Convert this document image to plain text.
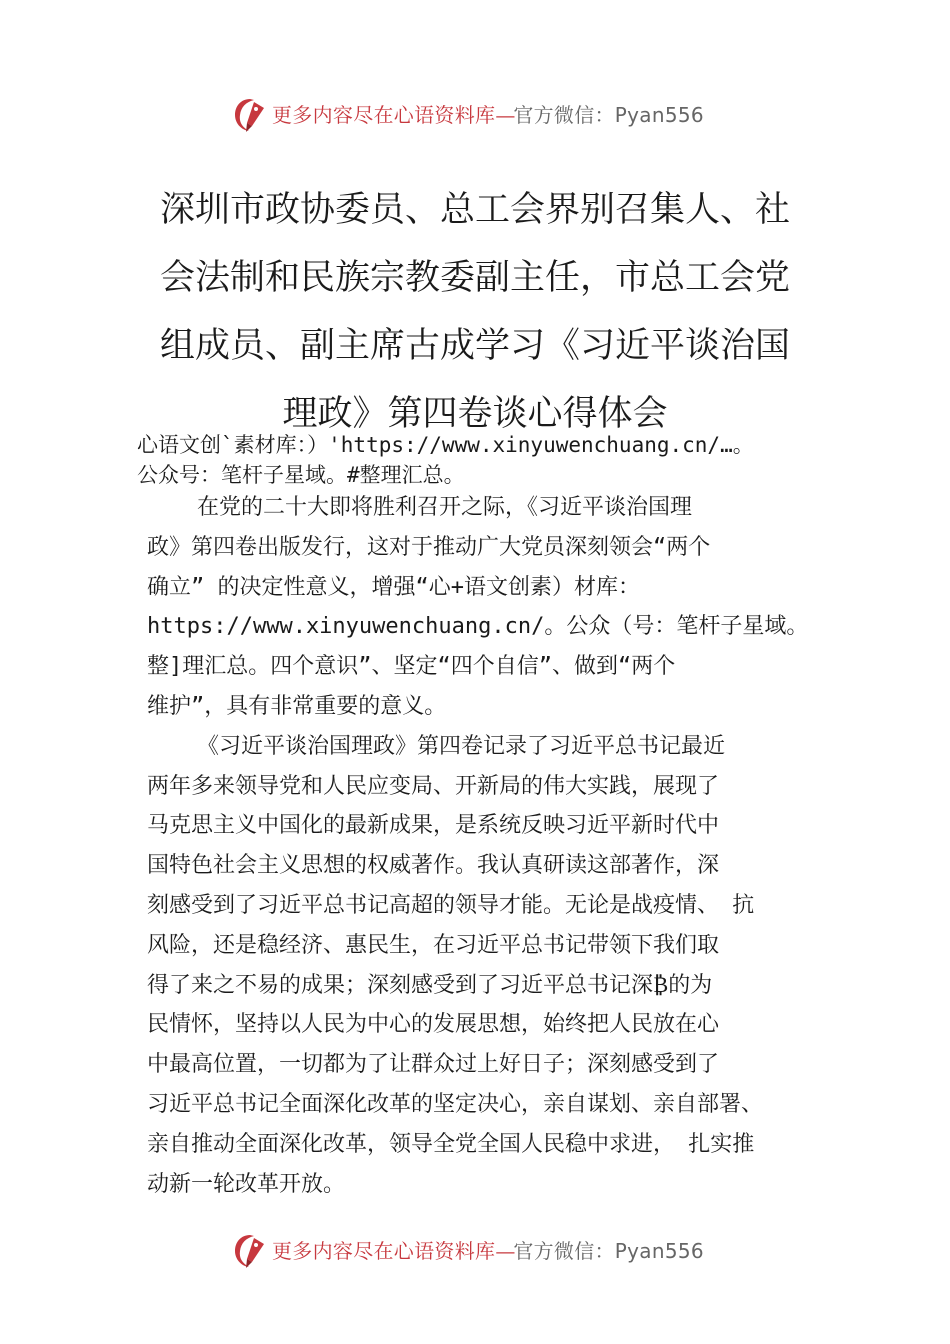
更多内容尽在心语资料库—官方微信：Pyan556
深圳市政协委员、总工会界别召集人、社
会法制和民族宗教委副主任，市总工会党
组成员、副主席古成学习《习近平谈治国
理政》第四卷谈心得体会
心语文创`素材库：）'https://www.xinyuwenchuang.cn/…。
公众号：笔杆子星域。#整理汇总。
在党的二十大即将胜利召开之际，《习近平谈治国理
政》第四卷出版发行，这对于推动广大党员深刻领会“两个
确立” 的决定性意义，增强“心+语文创素）材库：
https://www.xinyuwenchuang.cn/。公众（号：笔杆子星域。
整]理汇总。四个意识”、坚定“四个自信”、做到“两个
维护”，具有非常重要的意义。
《习近平谈治国理政》第四卷记录了习近平总书记最近
两年多来领导党和人民应变局、开新局的伟大实践，展现了
马克思主义中国化的最新成果，是系统反映习近平新时代中
国特色社会主义思想的权威著作。我认真研读这部著作，深
刻感受到了习近平总书记高超的领导才能。无论是战疫情、 抗
风险，还是稳经济、惠民生，在习近平总书记带领下我们取
得了来之不易的成果；深刻感受到了习近平总书记深₿的为
民情怀，坚持以人民为中心的发展思想，始终把人民放在心
中最高位置，一切都为了让群众过上好日子；深刻感受到了
习近平总书记全面深化改革的坚定决心，亲自谋划、亲自部署、
亲自推动全面深化改革，领导全党全国人民稳中求进， 扎实推
动新一轮改革开放。
更多内容尽在心语资料库—官方微信：Pyan556
